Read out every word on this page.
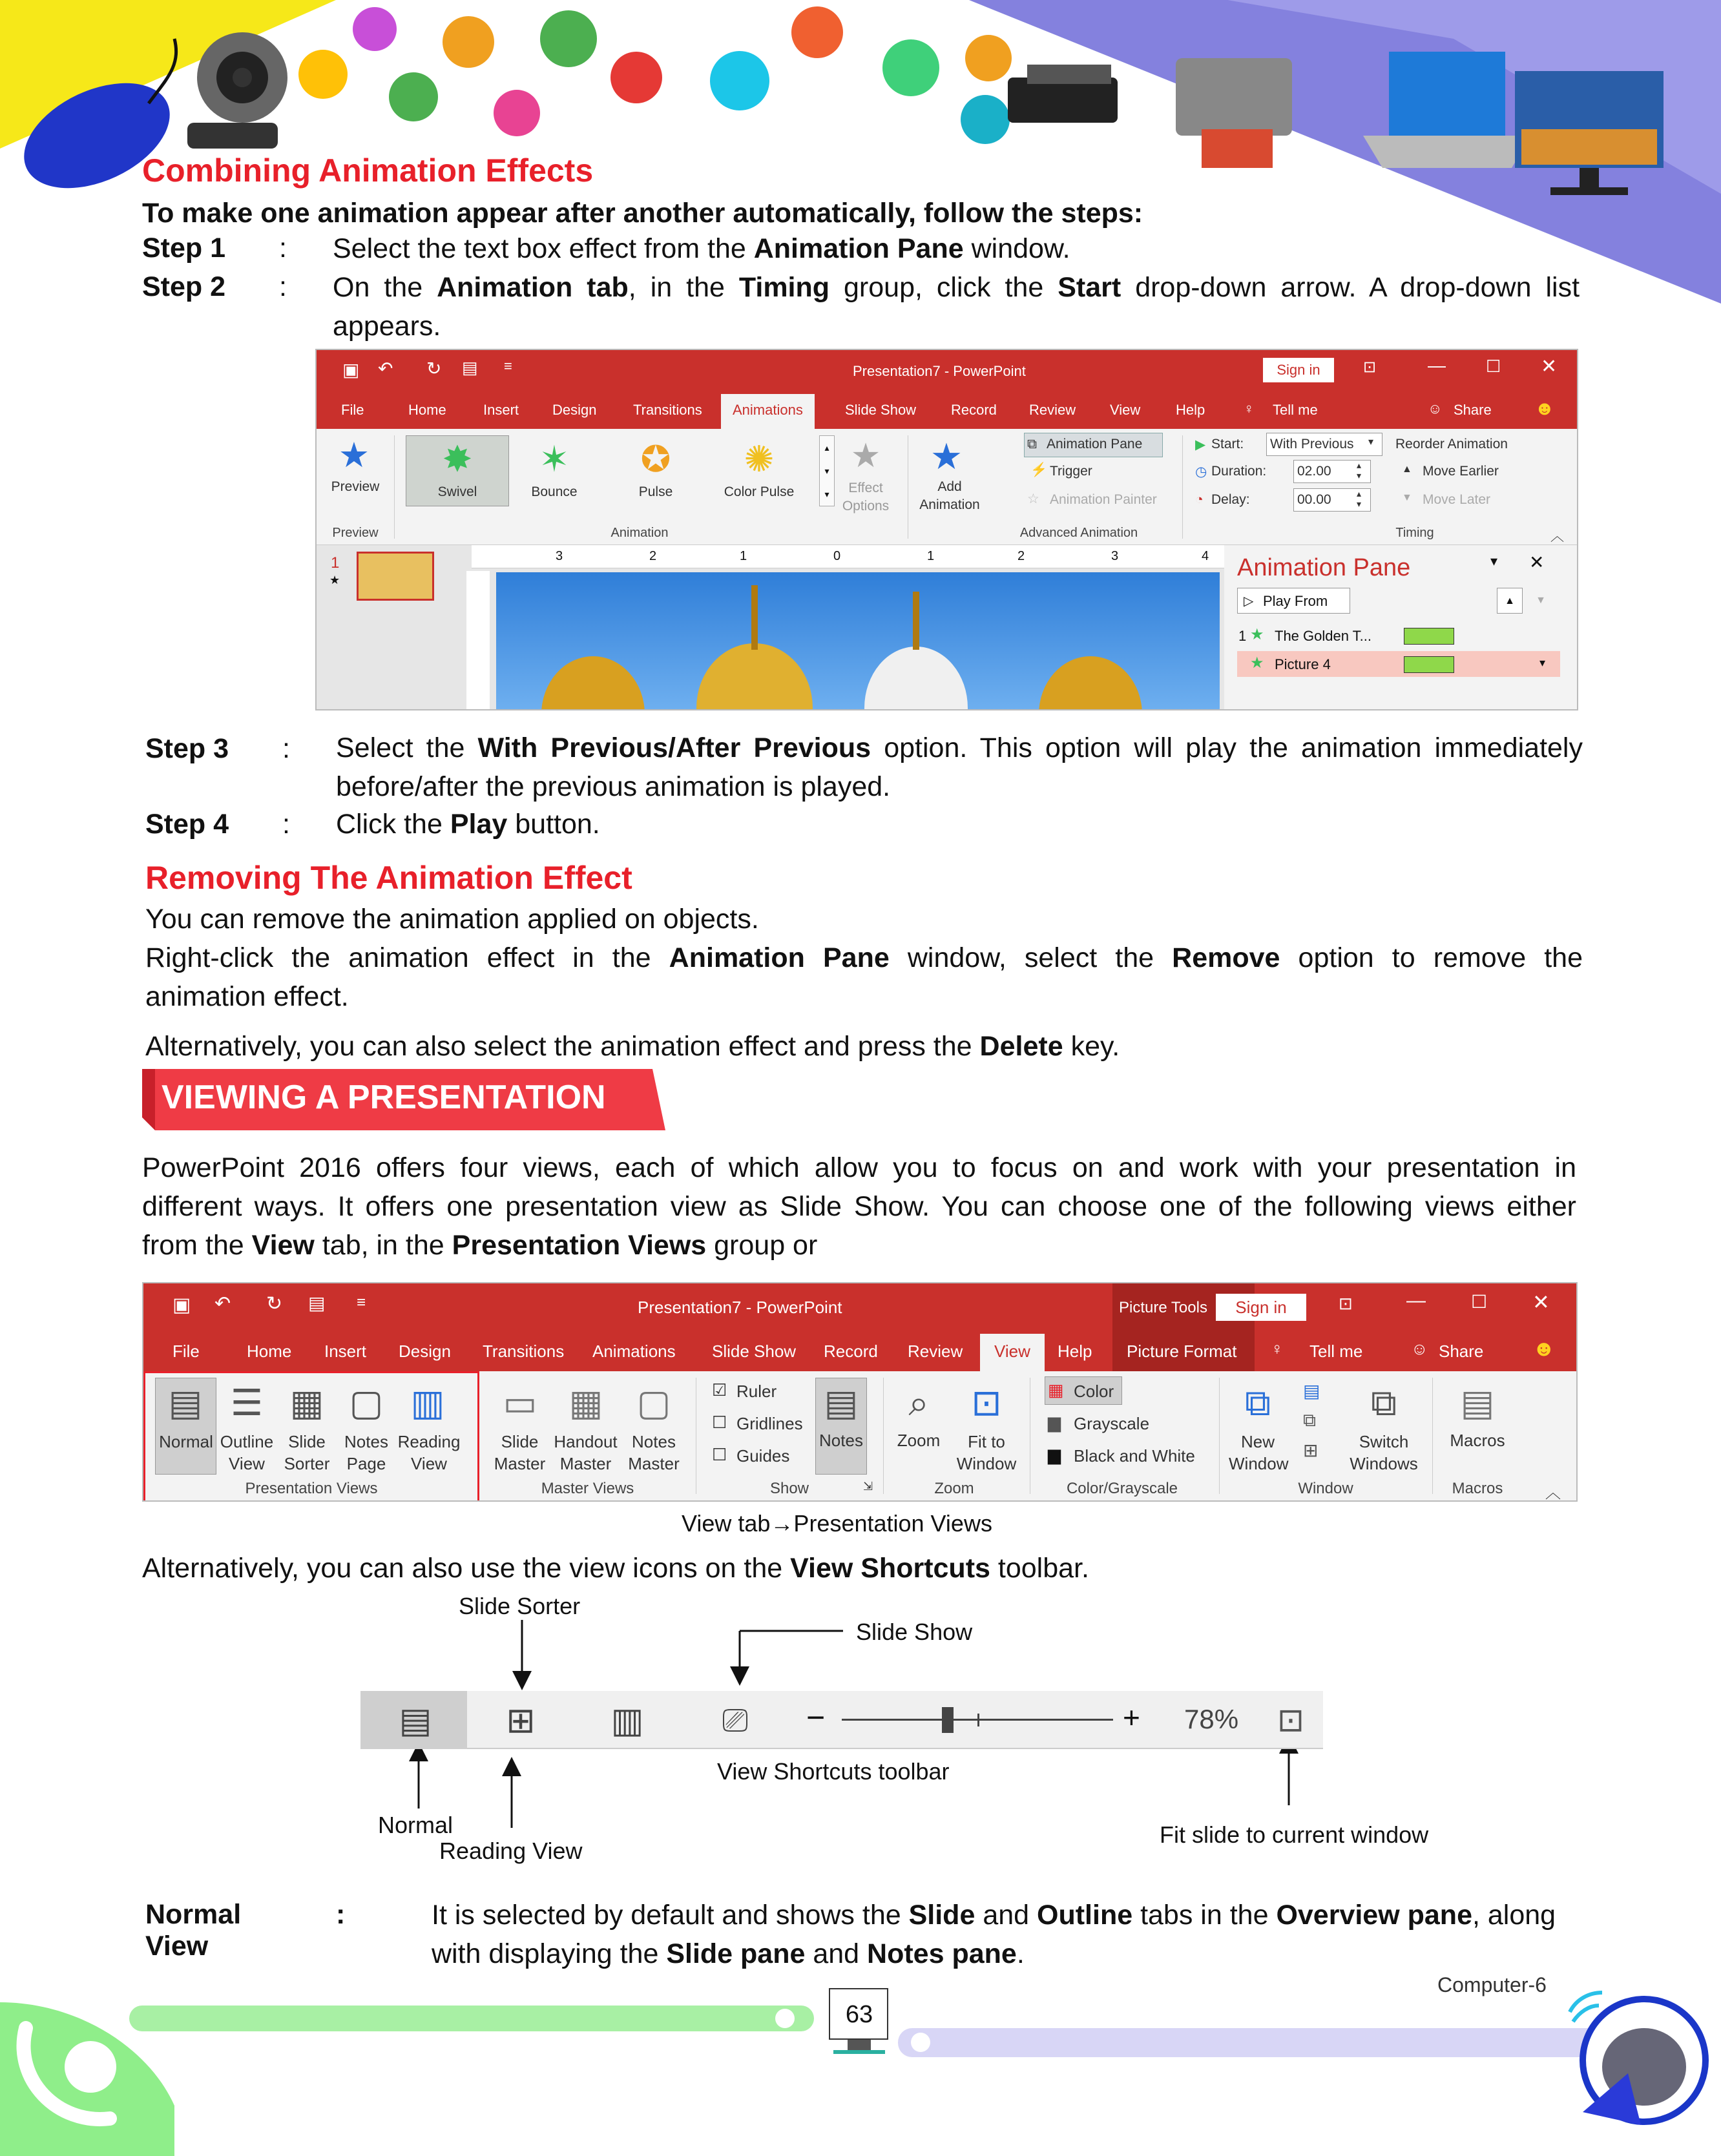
Combining Animation Effects
To make one animation appear after another automatically, follow the steps:
Step 1 : Select the text box effect from the Animation Pane window.
Step 2 : On the Animation tab, in the Timing group, click the Start drop-down arrow. A drop-down list
appears.
▣ ↶ ↻ ▤ ≡	Presentation7 - PowerPoint	Sign in	⊡	— ☐ ✕
File	Home	Insert Design	Transitions	Animations	Slide Show Record Review View Help	♀ Tell me	☺ Share ☻
★
Preview
Preview
✸
Swivel
✶
Bounce
✪
Pulse
✺
Color Pulse
▴
▾
▾
★
Effect Options
Animation
★
Add Animation
⧉ Animation Pane
⚡ Trigger
☆ Animation Painter
Advanced Animation
▶ Start: With Previous ▾
◷ Duration: 02.00	▴
▾
◔ Delay:	00.00	▴
▾
Reorder Animation
▲ Move Earlier
▼ Move Later
Timing	︿
1
★
3	2	1	0	1	2	3	4 Animation Pane	▾ ✕
▷ Play From	▲	▼
1 ★ The Golden T...
★ Picture 4	▾
Step 3 : Select the With Previous/After Previous option. This option will play the animation immediately
before/after the previous animation is played.
Step 4 : Click the Play button.
Removing The Animation Effect
You can remove the animation applied on objects.
Right-click the animation effect in the Animation Pane window, select the Remove option to remove the
animation effect.
Alternatively, you can also select the animation effect and press the Delete key.
VIEWING A PRESENTATION
PowerPoint 2016 offers four views, each of which allow you to focus on and work with your presentation in
different ways. It offers one presentation view as Slide Show. You can choose one of the following views either
from the View tab, in the Presentation Views group or
▣ ↶ ↻ ▤ ≡	Presentation7 - PowerPoint	Picture Tools	Sign in	⊡	—	☐ ✕
File	Home Insert Design Transitions Animations Slide Show Record Review	View	Help Picture Format ♀ Tell me	☺ Share ☻
▤
Normal
☰
Outline
View
▦
Slide
Sorter
▢
Notes
Page
▥
Reading
View
Presentation Views
▭
Slide
Master
▦
Handout
Master
▢
Notes
Master
Master Views
☑ Ruler
☐ Gridlines
☐ Guides
▤
Notes
Show	⇲
⌕
Zoom
⊡
Fit to
Window
Zoom
▦ Color
▆ Grayscale
▆ Black and White
Color/Grayscale
⧉
New
Window
▤
⧉
⊞
⧉
Switch
Windows
Window
▤
Macros
Macros	︿
View tab→Presentation Views
Alternatively, you can also use the view icons on the View Shortcuts toolbar.
Slide Sorter
Slide Show
▤ ⊞ ▥	⎚	−	+ 78% ⊡
View Shortcuts toolbar
Normal
Reading View
Fit slide to current window
Normal
View
:	It is selected by default and shows the Slide and Outline tabs in the Overview pane, along
with displaying the Slide pane and Notes pane.
63
Computer-6
